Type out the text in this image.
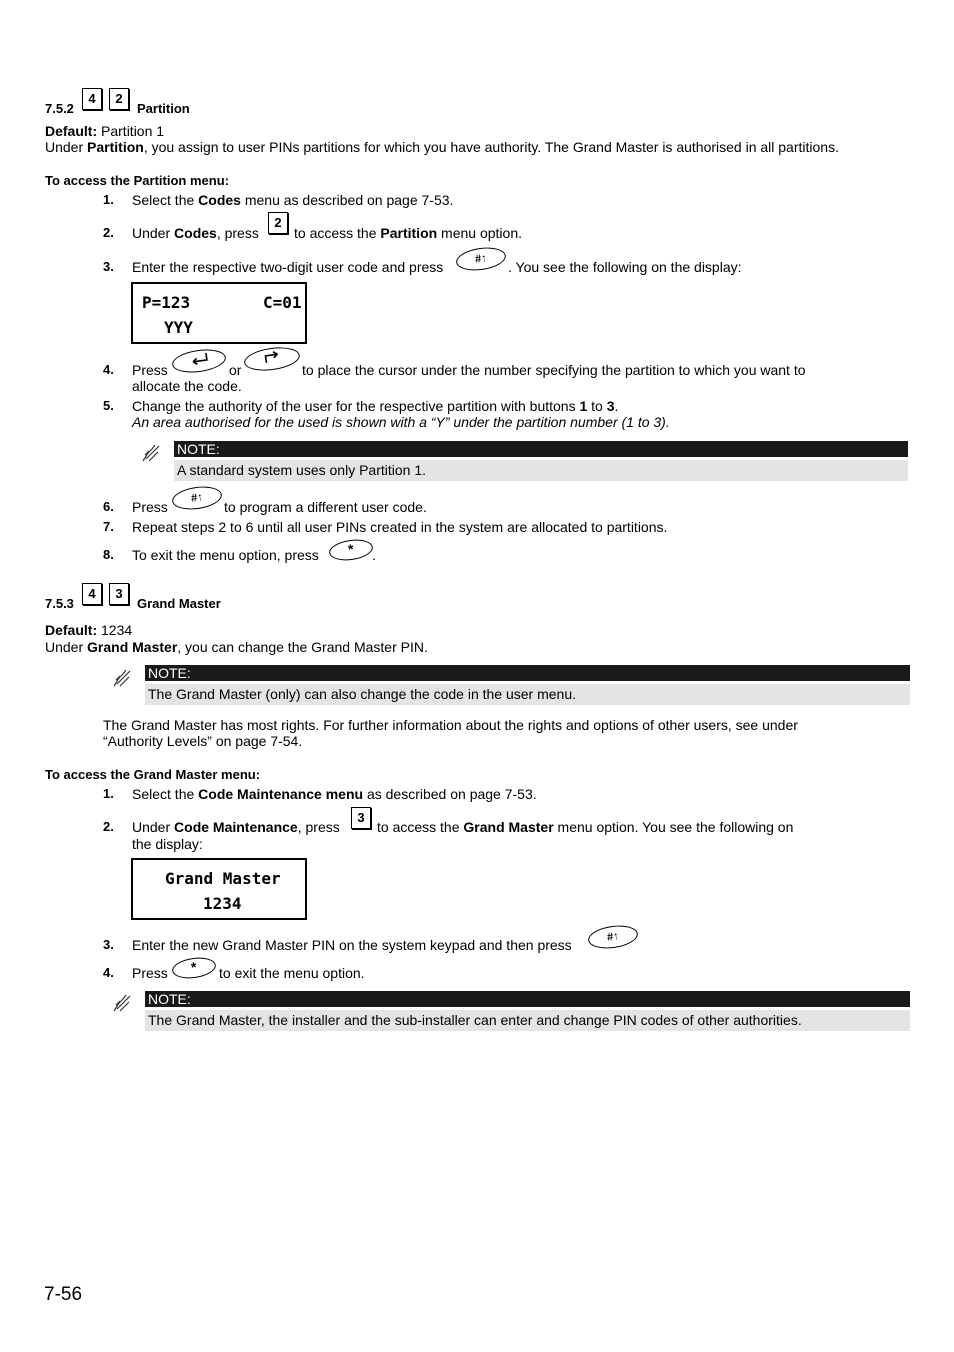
7.5.2
4	2
Partition
Default: Partition 1
Under Partition, you assign to user PINs partitions for which you have authority. The Grand Master is authorised in all partitions.
To access the Partition menu:
1. Select the Codes menu as described on page 7-53.
2. Under Codes, press
2
to access the Partition menu option.
3. Enter the respective two-digit user code and press	#↑	. You see the following on the display:
P=123	C=01
YYY
4. Press	or	to place the cursor under the number specifying the partition to which you want to
allocate the code.
5. Change the authority of the user for the respective partition with buttons 1 to 3.
An area authorised for the used is shown with a “Y” under the partition number (1 to 3).
NOTE:
A standard system uses only Partition 1.
6. Press
#↑
to program a different user code.
7. Repeat steps 2 to 6 until all user PINs created in the system are allocated to partitions.
8. To exit the menu option, press	*	.
7.5.3
4	3
Grand Master
Default: 1234
Under Grand Master, you can change the Grand Master PIN.
NOTE:
The Grand Master (only) can also change the code in the user menu.
The Grand Master has most rights. For further information about the rights and options of other users, see under
“Authority Levels” on page 7-54.
To access the Grand Master menu:
1. Select the Code Maintenance menu as described on page 7-53.
2. Under Code Maintenance, press
3
to access the Grand Master menu option. You see the following on
the display:
Grand Master
1234
3. Enter the new Grand Master PIN on the system keypad and then press	#↑
4. Press	*	to exit the menu option.
NOTE:
The Grand Master, the installer and the sub-installer can enter and change PIN codes of other authorities.
7-56
